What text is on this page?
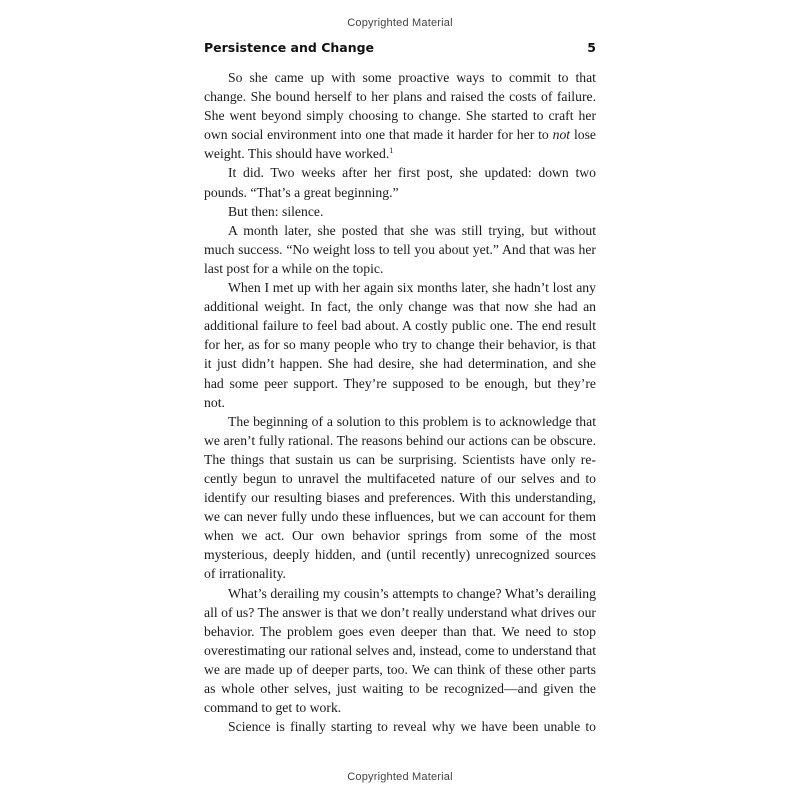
Copyrighted Material
Persistence and Change	5

So she came up with some proactive ways to commit to that change. She bound herself to her plans and raised the costs of failure. She went beyond simply choosing to change. She started to craft her own social environment into one that made it harder for her to not lose weight. This should have worked.$^1$

It did. Two weeks after her first post, she updated: down two pounds. “That’s a great beginning.”

But then: silence.

A month later, she posted that she was still trying, but without much success. “No weight loss to tell you about yet.” And that was her last post for a while on the topic.

When I met up with her again six months later, she hadn’t lost any additional weight. In fact, the only change was that now she had an additional failure to feel bad about. A costly public one. The end result for her, as for so many people who try to change their behavior, is that it just didn’t happen. She had desire, she had determination, and she had some peer support. They’re supposed to be enough, but they’re not.

The beginning of a solution to this problem is to acknowledge that we aren’t fully rational. The reasons behind our actions can be obscure. The things that sustain us can be surprising. Scientists have only recently begun to unravel the multifaceted nature of our selves and to identify our resulting biases and preferences. With this understanding, we can never fully undo these influences, but we can account for them when we act. Our own behavior springs from some of the most mysterious, deeply hidden, and (until recently) unrecognized sources of irrationality.

What’s derailing my cousin’s attempts to change? What’s derailing all of us? The answer is that we don’t really understand what drives our behavior. The problem goes even deeper than that. We need to stop overestimating our rational selves and, instead, come to understand that we are made up of deeper parts, too. We can think of these other parts as whole other selves, just waiting to be recognized—and given the command to get to work.

Science is finally starting to reveal why we have been unable to

Copyrighted Material
